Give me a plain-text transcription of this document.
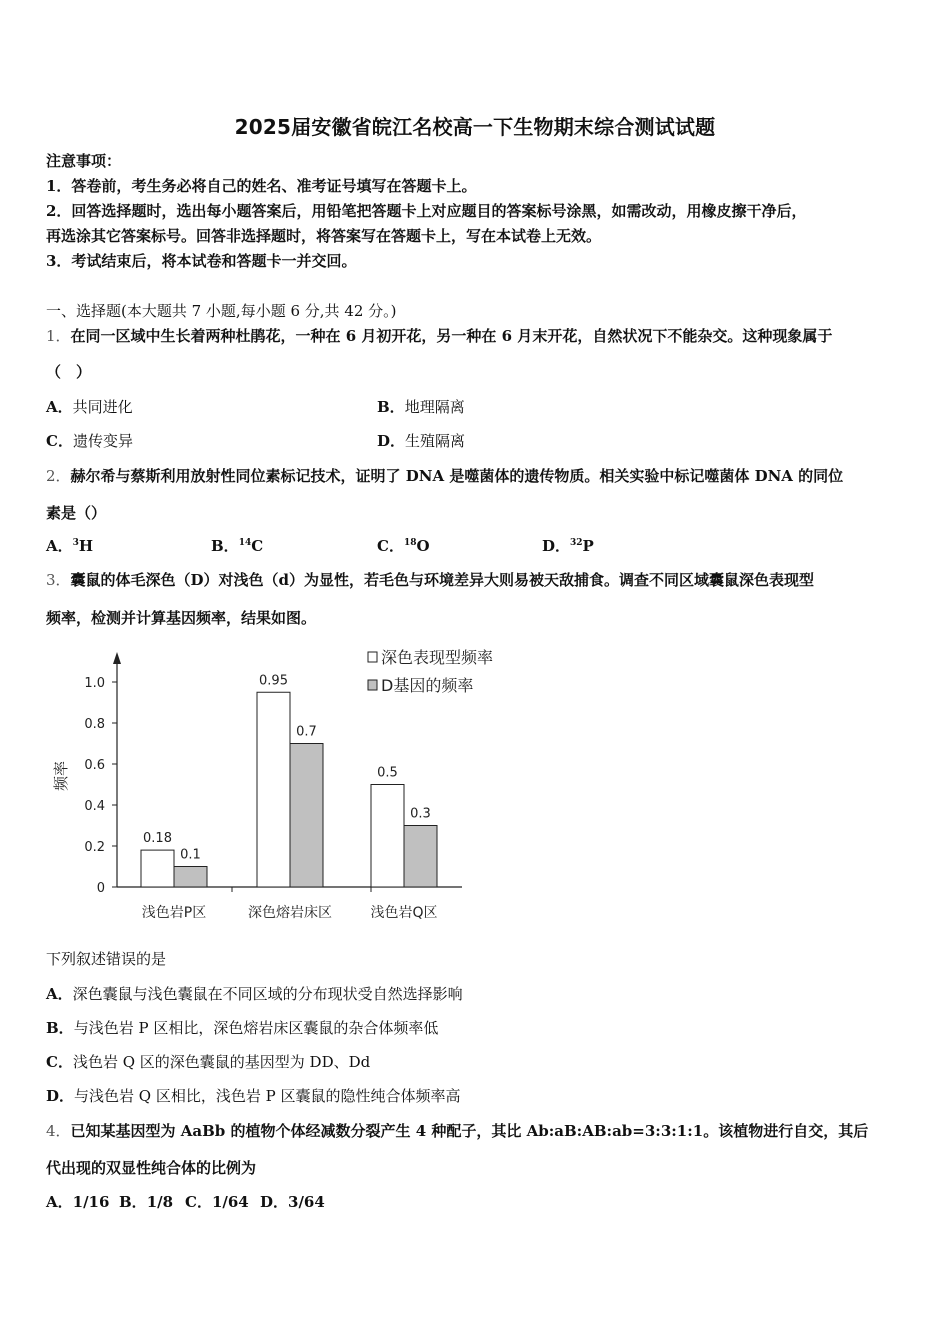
2025届安徽省皖江名校高一下生物期末综合测试试题
注意事项：
1．答卷前，考生务必将自己的姓名、准考证号填写在答题卡上。
2．回答选择题时，选出每小题答案后，用铅笔把答题卡上对应题目的答案标号涂黑，如需改动，用橡皮擦干净后，
再选涂其它答案标号。回答非选择题时，将答案写在答题卡上，写在本试卷上无效。
3．考试结束后，将本试卷和答题卡一并交回。
一、选择题(本大题共 7 小题,每小题 6 分,共 42 分。)
1．在同一区域中生长着两种杜鹃花，一种在 6 月初开花，另一种在 6 月末开花，自然状况下不能杂交。这种现象属于
（　）
A．共同进化	B．地理隔离
C．遗传变异	D．生殖隔离
2．赫尔希与蔡斯利用放射性同位素标记技术，证明了 DNA 是噬菌体的遗传物质。相关实验中标记噬菌体 DNA 的同位
素是（）
A．$^3$H	B．$^{14}$C	C．$^{18}$O	D．$^{32}$P
3．囊鼠的体毛深色（D）对浅色（d）为显性，若毛色与环境差异大则易被天敌捕食。调查不同区域囊鼠深色表现型
频率，检测并计算基因频率，结果如图。
0
0.2
0.4
0.6
0.8
1.0
频率
0.18
0.1
浅色岩P区
0.95
0.7
深色熔岩床区
0.5
0.3
浅色岩Q区
深色表现型频率
D基因的频率
下列叙述错误的是
A．深色囊鼠与浅色囊鼠在不同区域的分布现状受自然选择影响
B．与浅色岩 P 区相比，深色熔岩床区囊鼠的杂合体频率低
C．浅色岩 Q 区的深色囊鼠的基因型为 DD、Dd
D．与浅色岩 Q 区相比，浅色岩 P 区囊鼠的隐性纯合体频率高
4．已知某基因型为 AaBb 的植物个体经减数分裂产生 4 种配子，其比 Ab:aB:AB:ab=3:3:1:1。该植物进行自交，其后
代出现的双显性纯合体的比例为
A．1/16 B．1/8 C．1/64 D．3/64
